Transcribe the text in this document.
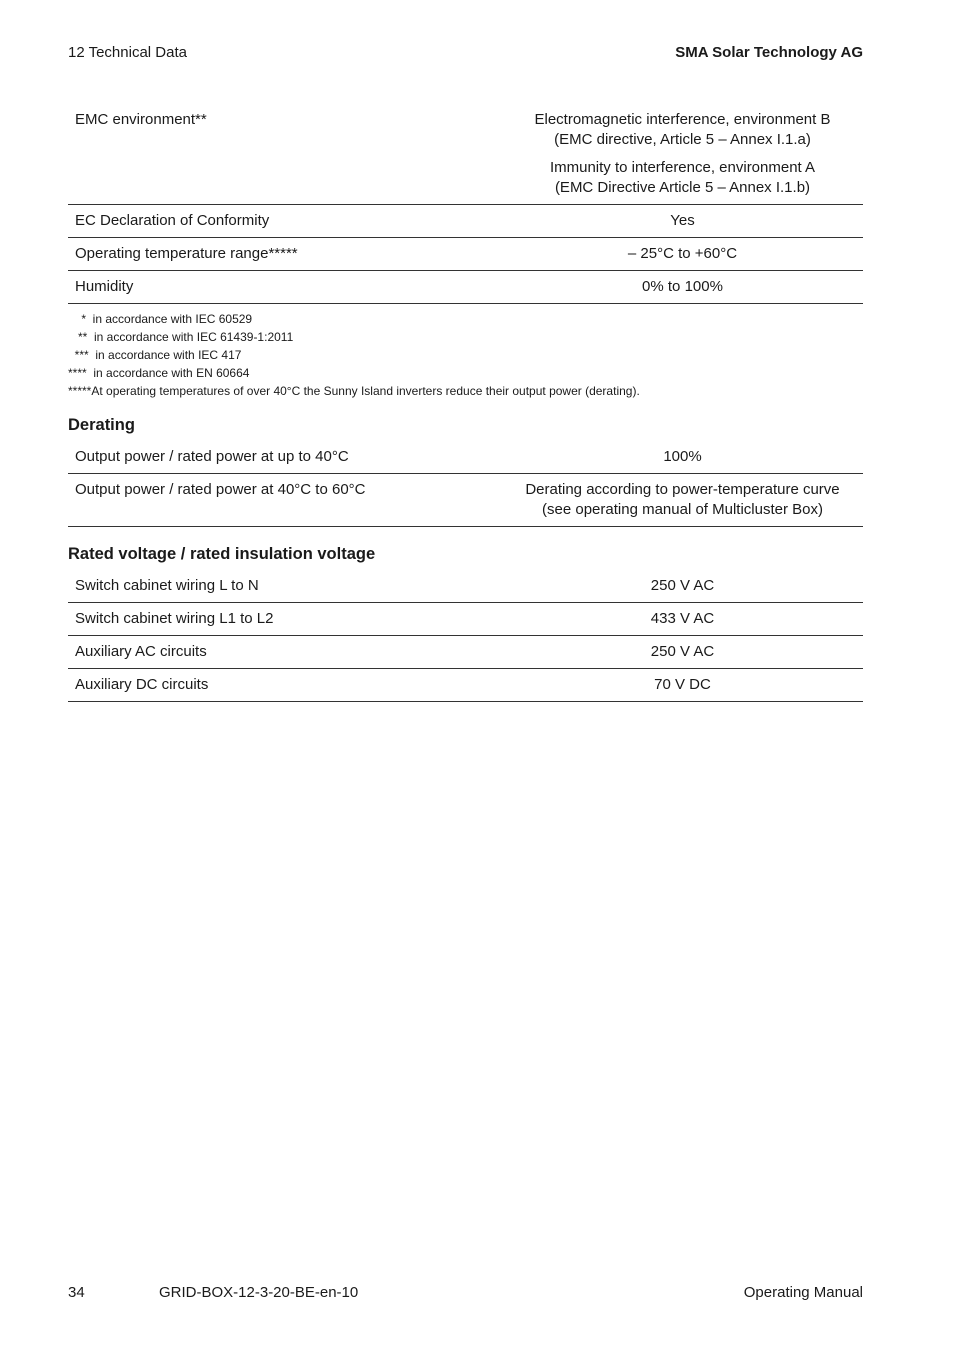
12 Technical Data	SMA Solar Technology AG
EMC environment**	Electromagnetic interference, environment B
(EMC directive, Article 5 – Annex I.1.a)
Immunity to interference, environment A
(EMC Directive Article 5 – Annex I.1.b)

EC Declaration of Conformity	Yes
Operating temperature range*****	– 25°C to +60°C
Humidity	0% to 100%
*  in accordance with IEC 60529
**  in accordance with IEC 61439-1:2011
***  in accordance with IEC 417
****  in accordance with EN 60664
*****At operating temperatures of over 40°C the Sunny Island inverters reduce their output power (derating).
Derating
Output power / rated power at up to 40°C	100%
Output power / rated power at 40°C to 60°C	Derating according to power-temperature curve
(see operating manual of Multicluster Box)
Rated voltage / rated insulation voltage
Switch cabinet wiring L to N	250 V AC
Switch cabinet wiring L1 to L2	433 V AC
Auxiliary AC circuits	250 V AC
Auxiliary DC circuits	70 V DC
34	GRID-BOX-12-3-20-BE-en-10	Operating Manual
